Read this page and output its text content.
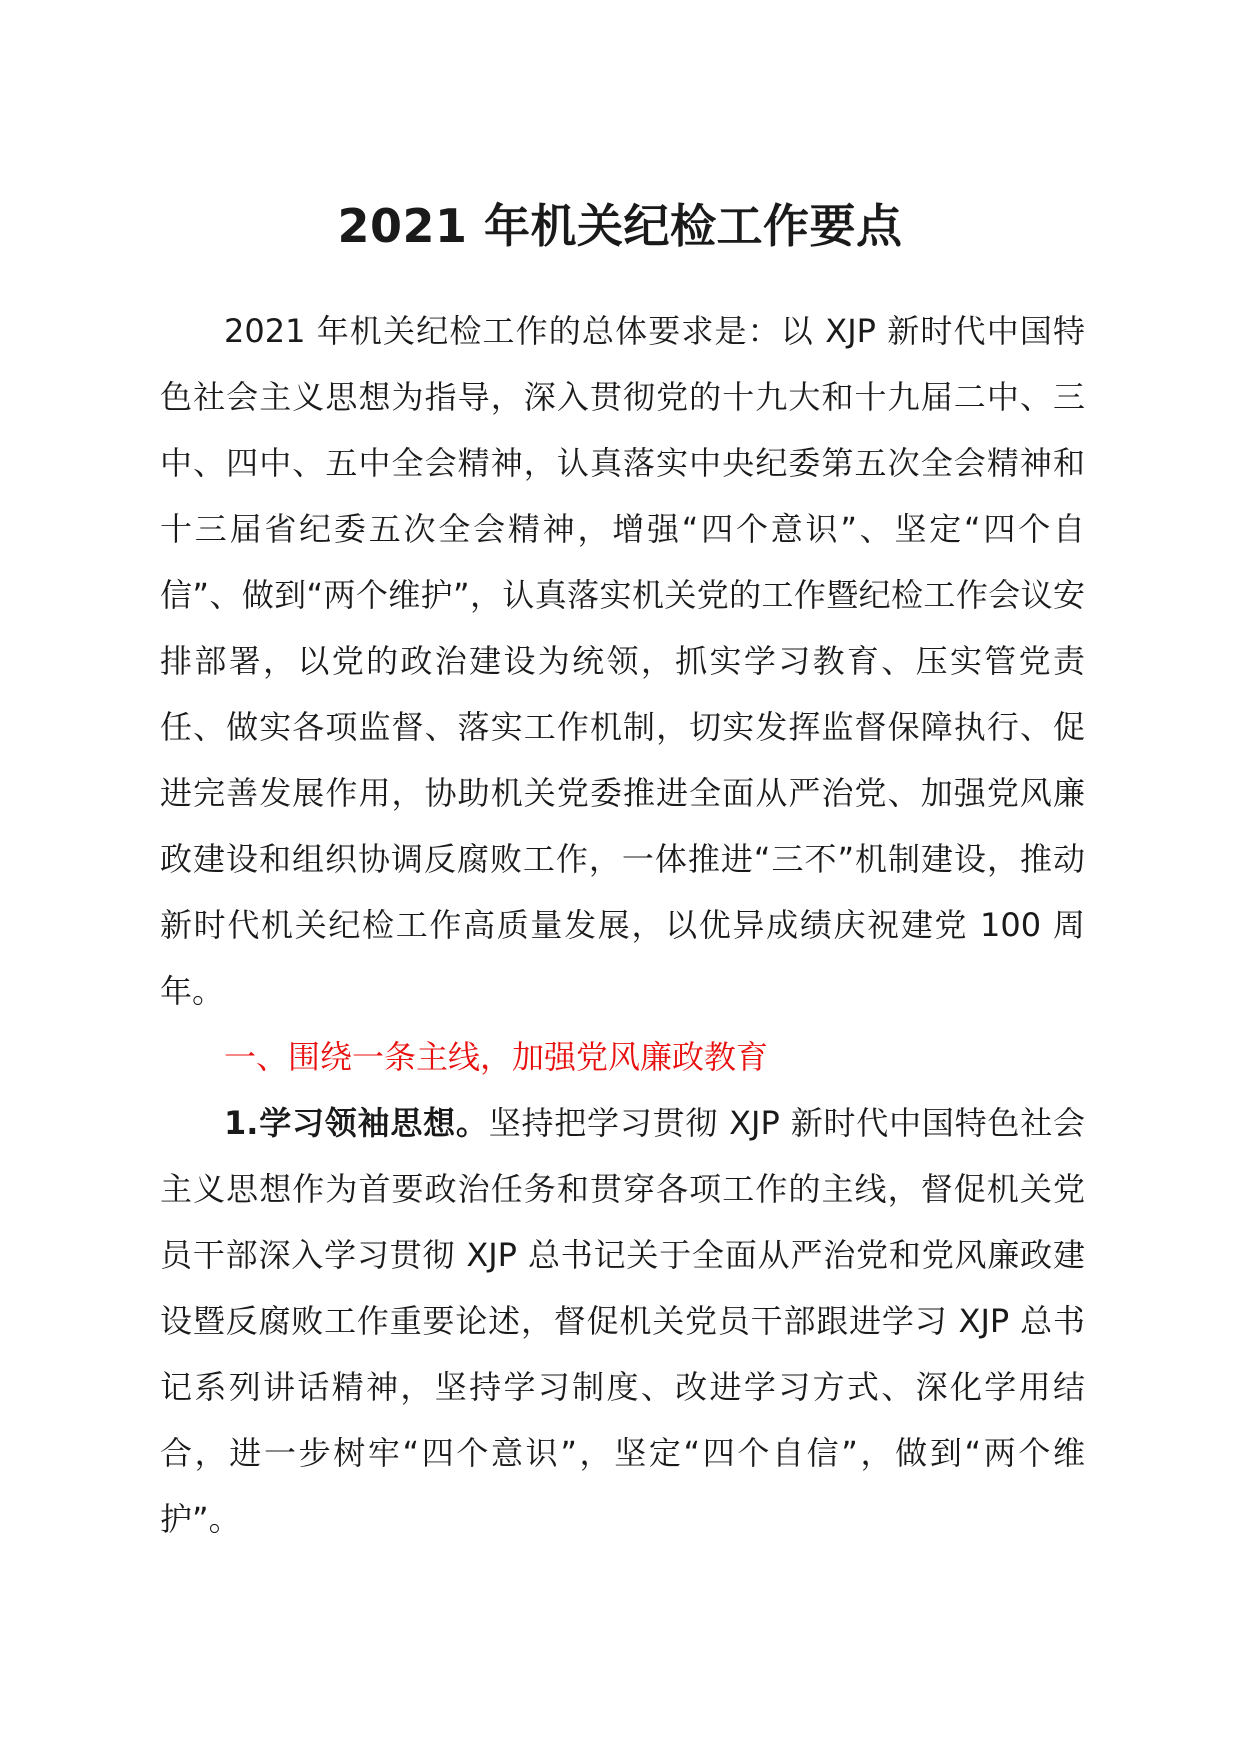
2021 年机关纪检工作要点

2021 年机关纪检工作的总体要求是：以 XJP 新时代中国特色社会主义思想为指导，深入贯彻党的十九大和十九届二中、三中、四中、五中全会精神，认真落实中央纪委第五次全会精神和十三届省纪委五次全会精神，增强“四个意识”、坚定“四个自信”、做到“两个维护”，认真落实机关党的工作暨纪检工作会议安排部署，以党的政治建设为统领，抓实学习教育、压实管党责任、做实各项监督、落实工作机制，切实发挥监督保障执行、促进完善发展作用，协助机关党委推进全面从严治党、加强党风廉政建设和组织协调反腐败工作，一体推进“三不”机制建设，推动新时代机关纪检工作高质量发展，以优异成绩庆祝建党 100 周年。

一、围绕一条主线，加强党风廉政教育

1.学习领袖思想。坚持把学习贯彻 XJP 新时代中国特色社会主义思想作为首要政治任务和贯穿各项工作的主线，督促机关党员干部深入学习贯彻 XJP 总书记关于全面从严治党和党风廉政建设暨反腐败工作重要论述，督促机关党员干部跟进学习 XJP 总书记系列讲话精神，坚持学习制度、改进学习方式、深化学用结合，进一步树牢“四个意识”，坚定“四个自信”，做到“两个维护”。
